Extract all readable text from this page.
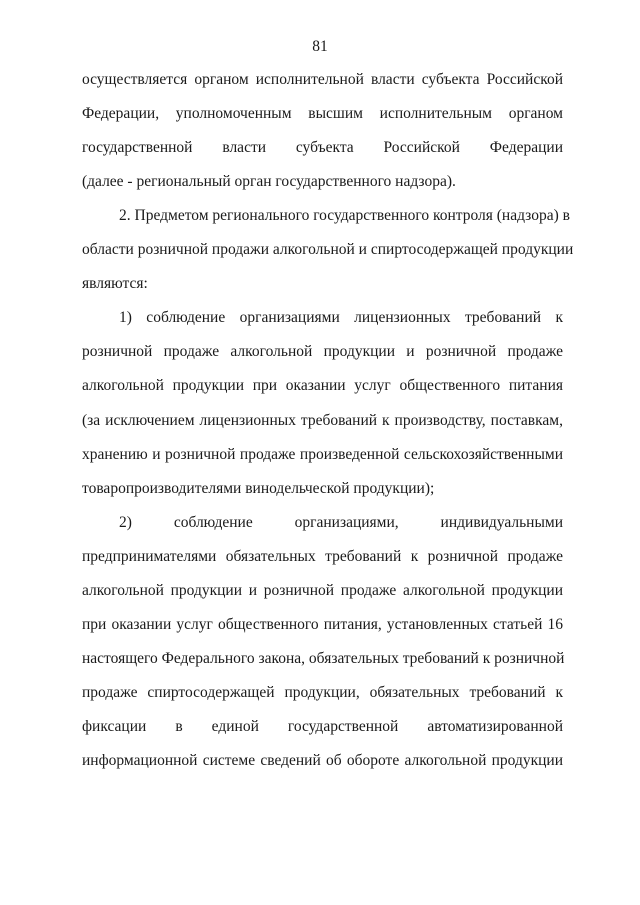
81
осуществляется органом исполнительной власти субъекта Российской
Федерации, уполномоченным высшим исполнительным органом
государственной власти субъекта Российской Федерации
(далее - региональный орган государственного надзора).
2. Предметом регионального государственного контроля (надзора) в
области розничной продажи алкогольной и спиртосодержащей продукции
являются:
1) соблюдение организациями лицензионных требований к
розничной продаже алкогольной продукции и розничной продаже
алкогольной продукции при оказании услуг общественного питания
(за исключением лицензионных требований к производству, поставкам,
хранению и розничной продаже произведенной сельскохозяйственными
товаропроизводителями винодельческой продукции);
2) соблюдение организациями, индивидуальными
предпринимателями обязательных требований к розничной продаже
алкогольной продукции и розничной продаже алкогольной продукции
при оказании услуг общественного питания, установленных статьей 16
настоящего Федерального закона, обязательных требований к розничной
продаже спиртосодержащей продукции, обязательных требований к
фиксации в единой государственной автоматизированной
информационной системе сведений об обороте алкогольной продукции
